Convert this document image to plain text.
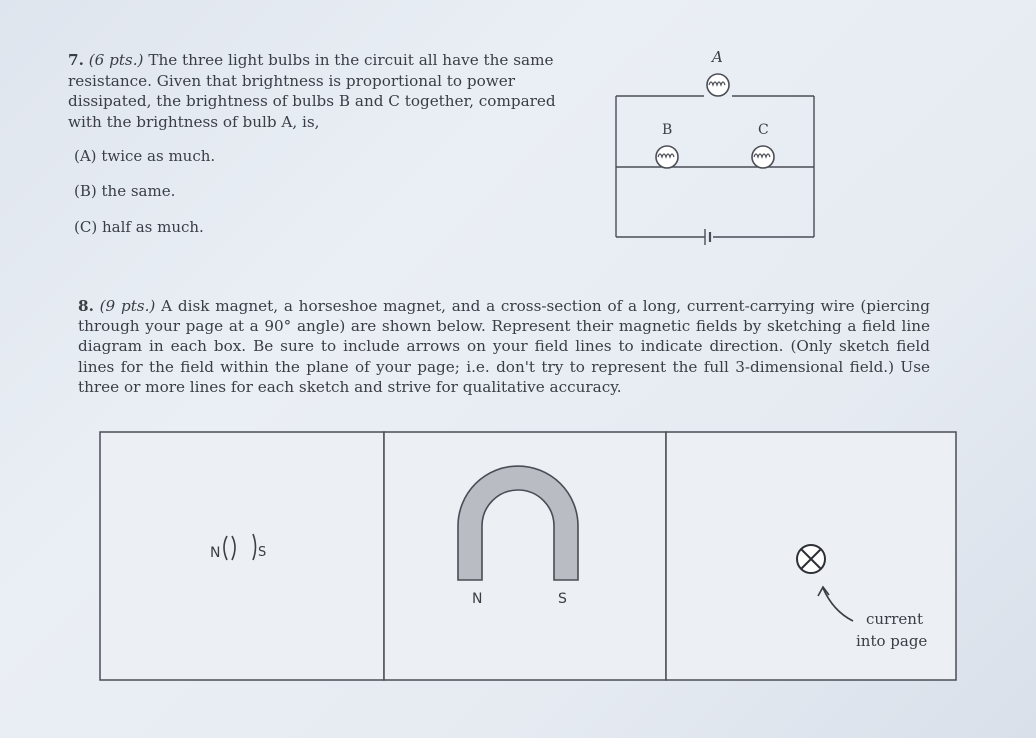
7. (6 pts.) The three light bulbs in the circuit all have the same resistance. Given that brightness is proportional to power dissipated, the brightness of bulbs B and C together, compared with the brightness of bulb A, is,
(A) twice as much.
(B) the same.
(C) half as much.
A
B	C
8. (9 pts.) A disk magnet, a horseshoe magnet, and a cross-section of a long, current-carrying wire (piercing through your page at a 90° angle) are shown below. Represent their magnetic fields by sketching a field line diagram in each box. Be sure to include arrows on your field lines to indicate direction. (Only sketch field lines for the field within the plane of your page; i.e. don't try to represent the full 3-dimensional field.) Use three or more lines for each sketch and strive for qualitative accuracy.
N	S
N	S
current
into page
